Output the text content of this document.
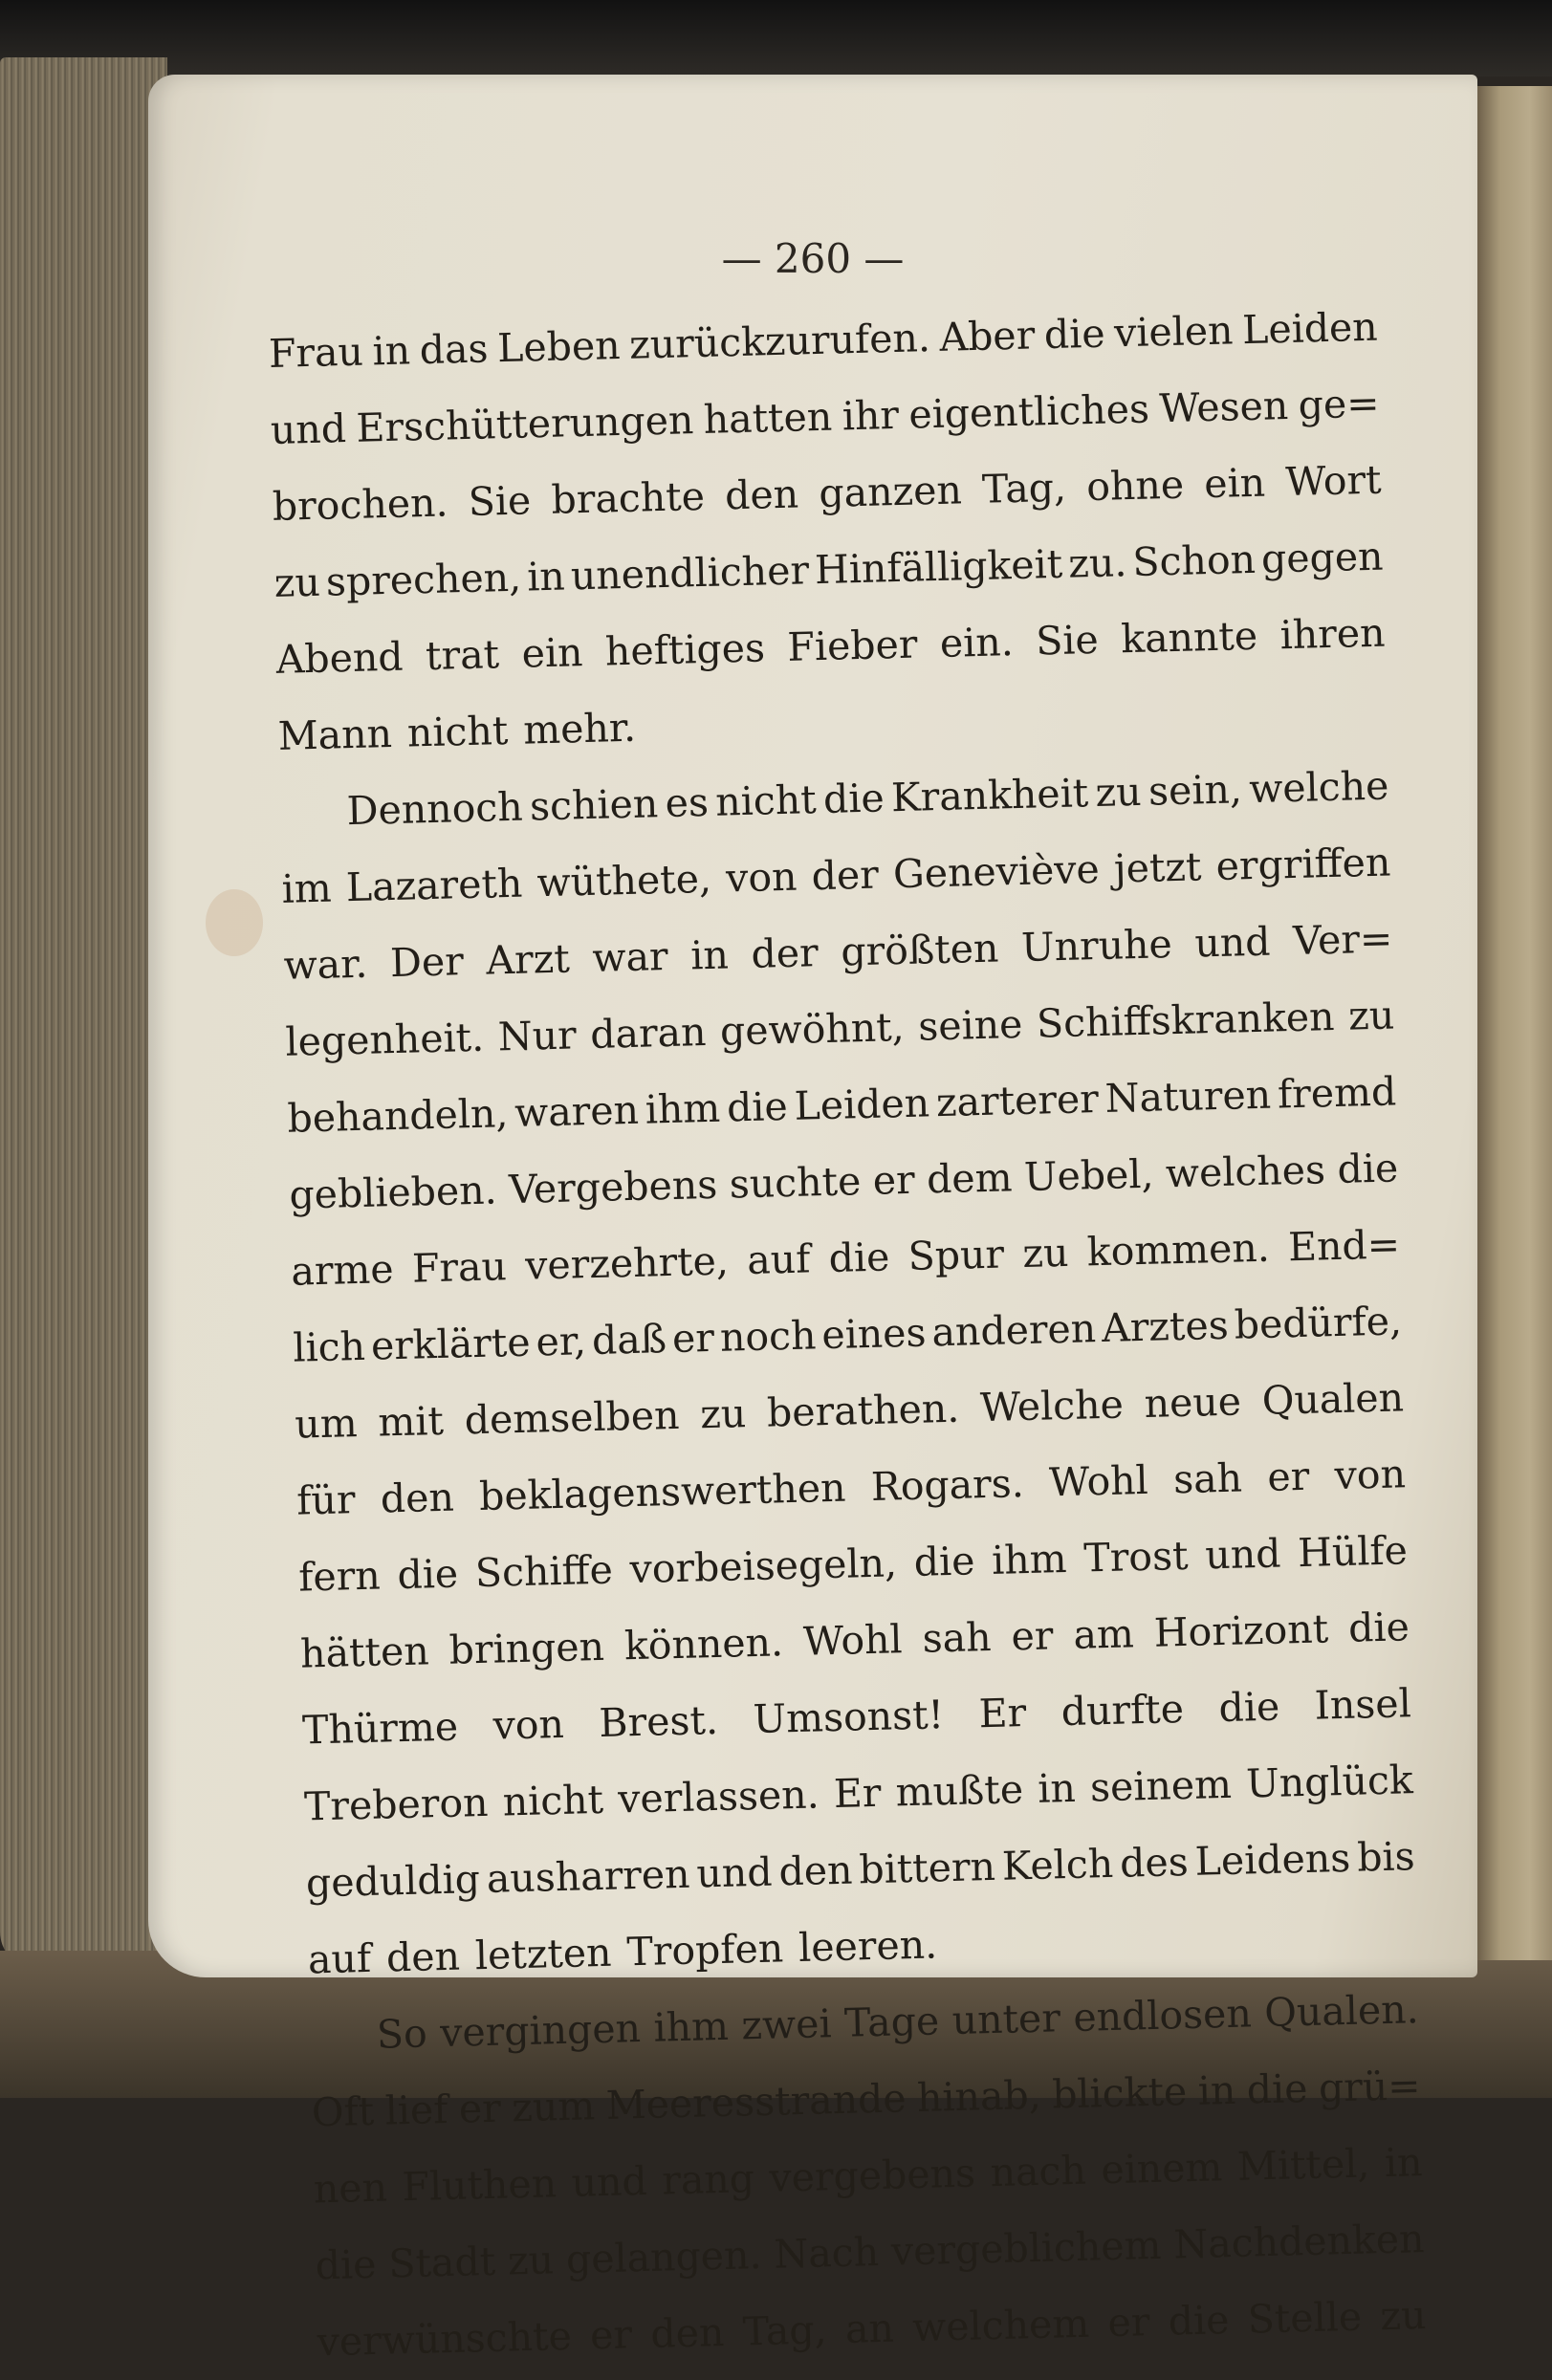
— 260 —
Frau in das Leben zurückzurufen. Aber die vielen Leiden
und Erschütterungen hatten ihr eigentliches Wesen ge=
brochen. Sie brachte den ganzen Tag, ohne ein Wort
zu sprechen, in unendlicher Hinfälligkeit zu. Schon gegen
Abend trat ein heftiges Fieber ein. Sie kannte ihren
Mann nicht mehr.
Dennoch schien es nicht die Krankheit zu sein, welche
im Lazareth wüthete, von der Geneviève jetzt ergriffen
war. Der Arzt war in der größten Unruhe und Ver=
legenheit. Nur daran gewöhnt, seine Schiffskranken zu
behandeln, waren ihm die Leiden zarterer Naturen fremd
geblieben. Vergebens suchte er dem Uebel, welches die
arme Frau verzehrte, auf die Spur zu kommen. End=
lich erklärte er, daß er noch eines anderen Arztes bedürfe,
um mit demselben zu berathen. Welche neue Qualen
für den beklagenswerthen Rogars. Wohl sah er von
fern die Schiffe vorbeisegeln, die ihm Trost und Hülfe
hätten bringen können. Wohl sah er am Horizont die
Thürme von Brest. Umsonst! Er durfte die Insel
Treberon nicht verlassen. Er mußte in seinem Unglück
geduldig ausharren und den bittern Kelch des Leidens bis
auf den letzten Tropfen leeren.
So vergingen ihm zwei Tage unter endlosen Qualen.
Oft lief er zum Meeresstrande hinab, blickte in die grü=
nen Fluthen und rang vergebens nach einem Mittel, in
die Stadt zu gelangen. Nach vergeblichem Nachdenken
verwünschte er den Tag, an welchem er die Stelle zu
